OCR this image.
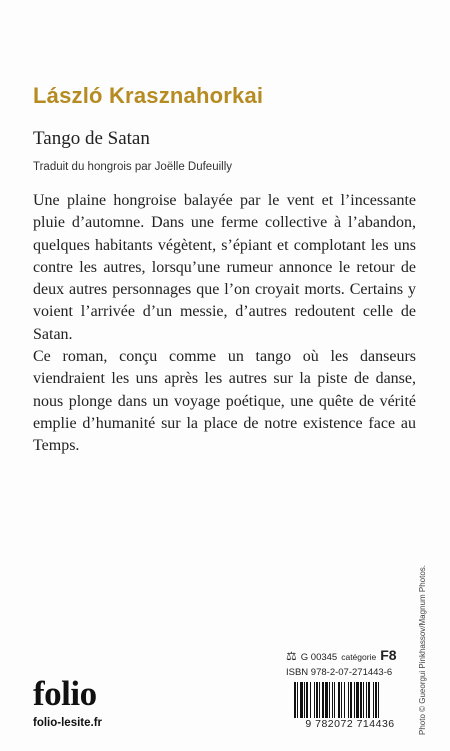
László Krasznahorkai
Tango de Satan
Traduit du hongrois par Joëlle Dufeuilly

Une plaine hongroise balayée par le vent et l’incessante pluie d’automne. Dans une ferme collective à l’abandon, quelques habitants végètent, s’épiant et complotant les uns contre les autres, lorsqu’une rumeur annonce le retour de deux autres personnages que l’on croyait morts. Certains y voient l’arrivée d’un messie, d’autres redoutent celle de Satan.

Ce roman, conçu comme un tango où les danseurs viendraient les uns après les autres sur la piste de danse, nous plonge dans un voyage poétique, une quête de vérité emplie d’humanité sur la place de notre existence face au Temps.

Photo © Gueorgui Pinkhassov/Magnum Photos.
⚖ G 00345 catégorie F8
ISBN 978-2-07-271443-6
9 782072 714436
folio
folio-lesite.fr
